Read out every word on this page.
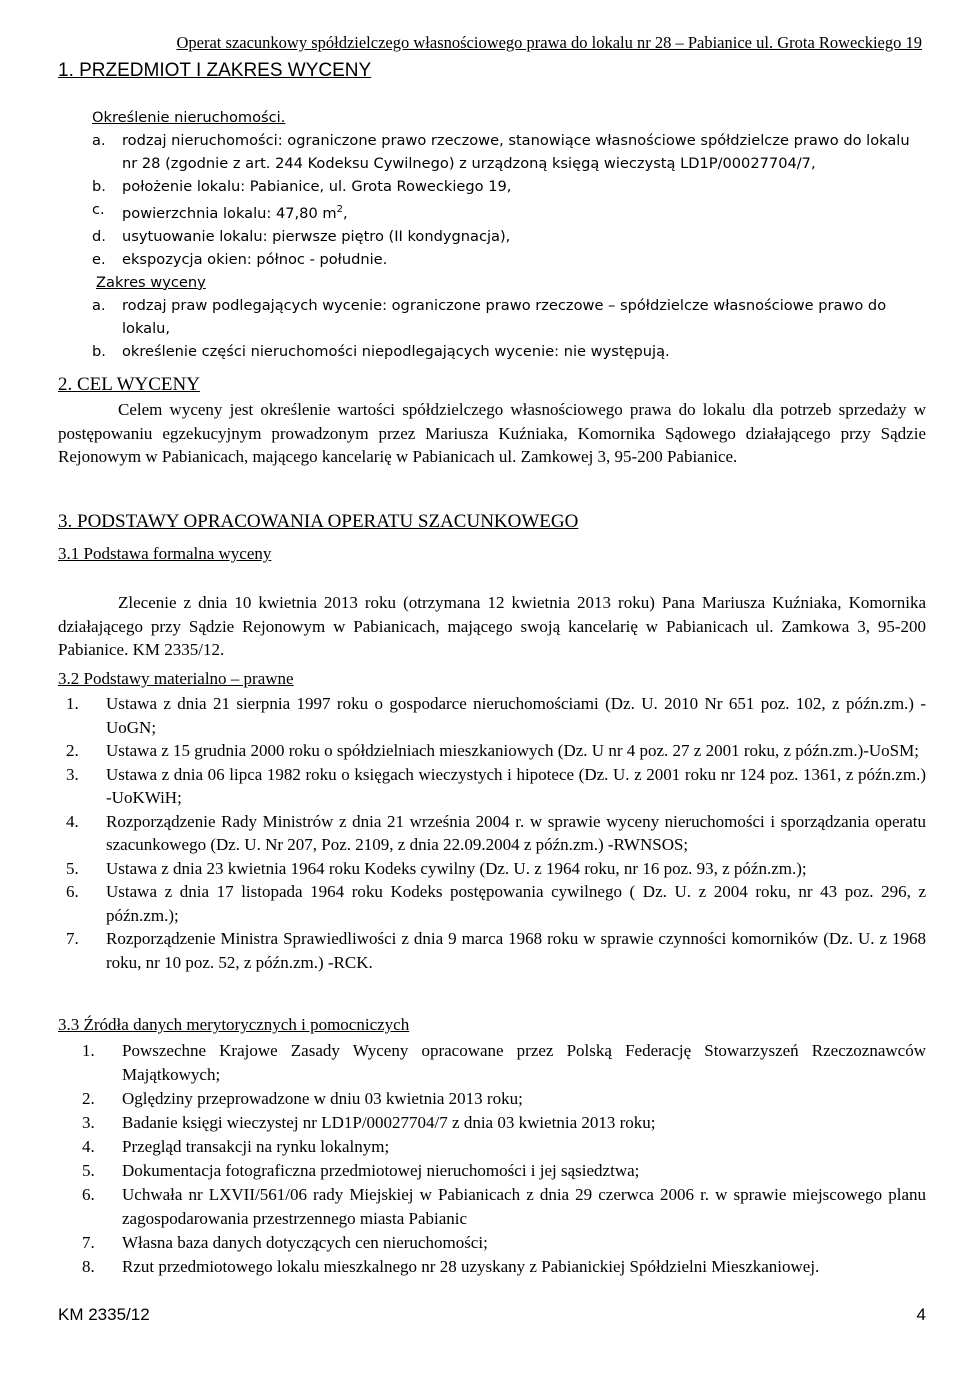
Operat szacunkowy spółdzielczego własnościowego prawa do lokalu nr 28 – Pabianice ul. Grota Roweckiego 19
1. PRZEDMIOT I ZAKRES WYCENY
Określenie nieruchomości.
a. rodzaj nieruchomości: ograniczone prawo rzeczowe, stanowiące własnościowe spółdzielcze prawo do lokalu nr 28 (zgodnie z art. 244 Kodeksu Cywilnego) z urządzoną księgą wieczystą LD1P/00027704/7,
b. położenie lokalu: Pabianice, ul. Grota Roweckiego 19,
c. powierzchnia lokalu: 47,80 $m^2$,
d. usytuowanie lokalu: pierwsze piętro (II kondygnacja),
e. ekspozycja okien: północ - południe.
Zakres wyceny
a. rodzaj praw podlegających wycenie: ograniczone prawo rzeczowe – spółdzielcze własnościowe prawo do lokalu,
b. określenie części nieruchomości niepodlegających wycenie: nie występują.
2. CEL WYCENY
Celem wyceny jest określenie wartości spółdzielczego własnościowego prawa do lokalu dla potrzeb sprzedaży w postępowaniu egzekucyjnym prowadzonym przez Mariusza Kuźniaka, Komornika Sądowego działającego przy Sądzie Rejonowym w Pabianicach, mającego kancelarię w Pabianicach ul. Zamkowej 3, 95-200 Pabianice.
3. PODSTAWY OPRACOWANIA OPERATU SZACUNKOWEGO
3.1 Podstawa formalna wyceny
Zlecenie z dnia 10 kwietnia 2013 roku (otrzymana 12 kwietnia 2013 roku) Pana Mariusza Kuźniaka, Komornika działającego przy Sądzie Rejonowym w Pabianicach, mającego swoją kancelarię w Pabianicach ul. Zamkowa 3, 95-200 Pabianice. KM 2335/12.
3.2 Podstawy materialno – prawne
1. Ustawa z dnia 21 sierpnia 1997 roku o gospodarce nieruchomościami (Dz. U. 2010 Nr 651 poz. 102, z późn.zm.) -UoGN;
2. Ustawa z 15 grudnia 2000 roku o spółdzielniach mieszkaniowych (Dz. U nr 4 poz. 27 z 2001 roku, z późn.zm.)-UoSM;
3. Ustawa z dnia 06 lipca 1982 roku o księgach wieczystych i hipotece (Dz. U. z 2001 roku nr 124 poz. 1361, z późn.zm.) -UoKWiH;
4. Rozporządzenie Rady Ministrów z dnia 21 września 2004 r. w sprawie wyceny nieruchomości i sporządzania operatu szacunkowego (Dz. U. Nr 207, Poz. 2109, z dnia 22.09.2004 z późn.zm.) -RWNSOS;
5. Ustawa z dnia 23 kwietnia 1964 roku Kodeks cywilny (Dz. U. z 1964 roku, nr 16 poz. 93, z późn.zm.);
6. Ustawa z dnia 17 listopada 1964 roku Kodeks postępowania cywilnego ( Dz. U. z 2004 roku, nr 43 poz. 296, z późn.zm.);
7. Rozporządzenie Ministra Sprawiedliwości z dnia 9 marca 1968 roku w sprawie czynności komorników (Dz. U. z 1968 roku, nr 10 poz. 52, z późn.zm.) -RCK.
3.3 Źródła danych merytorycznych i pomocniczych
1. Powszechne Krajowe Zasady Wyceny opracowane przez Polską Federację Stowarzyszeń Rzeczoznawców Majątkowych;
2. Oględziny przeprowadzone w dniu 03 kwietnia 2013 roku;
3. Badanie księgi wieczystej nr LD1P/00027704/7 z dnia 03 kwietnia 2013 roku;
4. Przegląd transakcji na rynku lokalnym;
5. Dokumentacja fotograficzna przedmiotowej nieruchomości i jej sąsiedztwa;
6. Uchwała nr LXVII/561/06 rady Miejskiej w Pabianicach z dnia 29 czerwca 2006 r. w sprawie miejscowego planu zagospodarowania przestrzennego miasta Pabianic
7. Własna baza danych dotyczących cen nieruchomości;
8. Rzut przedmiotowego lokalu mieszkalnego nr 28 uzyskany z Pabianickiej Spółdzielni Mieszkaniowej.
KM 2335/12	4
